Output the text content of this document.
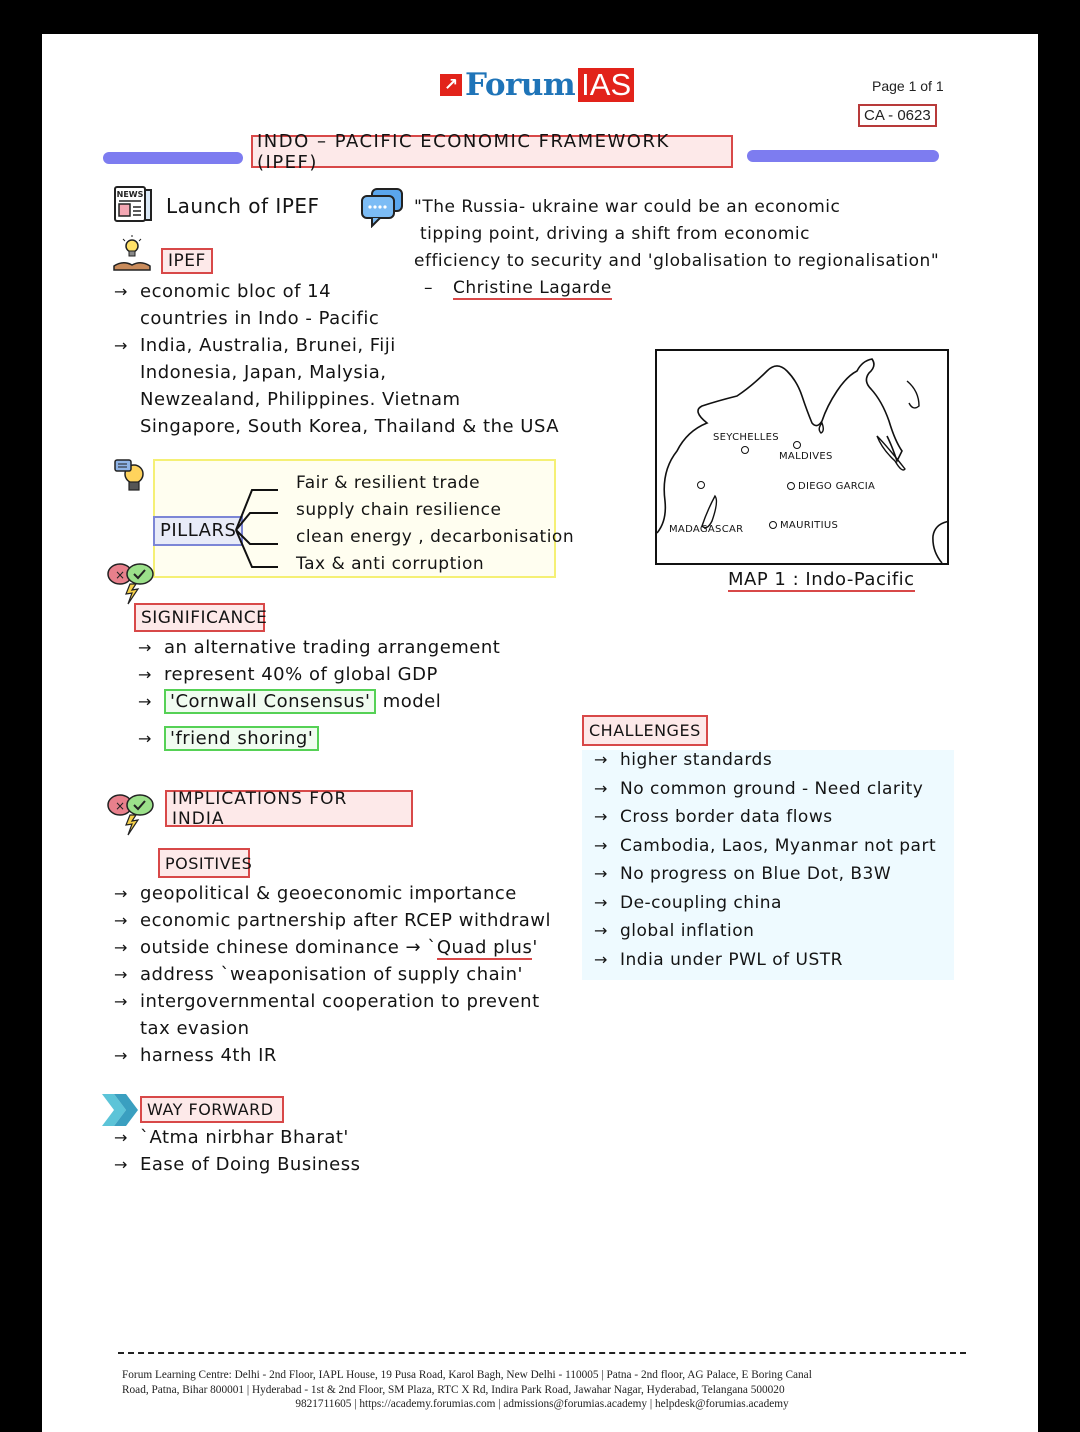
↗ Forum IAS	Page 1 of 1
CA - 0623
INDO – PACIFIC ECONOMIC FRAMEWORK (IPEF)
NEWS Launch of IPEF	"The Russia- ukraine war could be an economic
tipping point, driving a shift from economic
efficiency to security and 'globalisation to regionalisation"
– Christine Lagarde
IPEF
→ economic bloc of 14
countries in Indo - Pacific
→ India, Australia, Brunei, Fiji
Indonesia, Japan, Malysia,
Newzealand, Philippines. Vietnam
Singapore, South Korea, Thailand & the USA
SEYCHELLES
MALDIVES
DIEGO GARCIA
MADAGASCAR	MAURITIUS
MAP 1 : Indo-Pacific
PILLARS
Fair & resilient trade
supply chain resilience
clean energy , decarbonisation
Tax & anti corruption
×
SIGNIFICANCE
→ an alternative trading arrangement
→ represent 40% of global GDP
→ 'Cornwall Consensus' model
→ 'friend shoring'	CHALLENGES
→ higher standards
→ No common ground - Need clarity
→ Cross border data flows
→ Cambodia, Laos, Myanmar not part
→ No progress on Blue Dot, B3W
→ De-coupling china
→ global inflation
→ India under PWL of USTR
×	IMPLICATIONS FOR INDIA
POSITIVES
→ geopolitical & geoeconomic importance
→ economic partnership after RCEP withdrawl
→ outside chinese dominance → `Quad plus'
→ address `weaponisation of supply chain'
→ intergovernmental cooperation to prevent
tax evasion
→ harness 4th IR
WAY FORWARD
→ `Atma nirbhar Bharat'
→ Ease of Doing Business
Forum Learning Centre: Delhi - 2nd Floor, IAPL House, 19 Pusa Road, Karol Bagh, New Delhi - 110005 | Patna - 2nd floor, AG Palace, E Boring Canal
Road, Patna, Bihar 800001 | Hyderabad - 1st & 2nd Floor, SM Plaza, RTC X Rd, Indira Park Road, Jawahar Nagar, Hyderabad, Telangana 500020
9821711605 | https://academy.forumias.com | admissions@forumias.academy | helpdesk@forumias.academy
